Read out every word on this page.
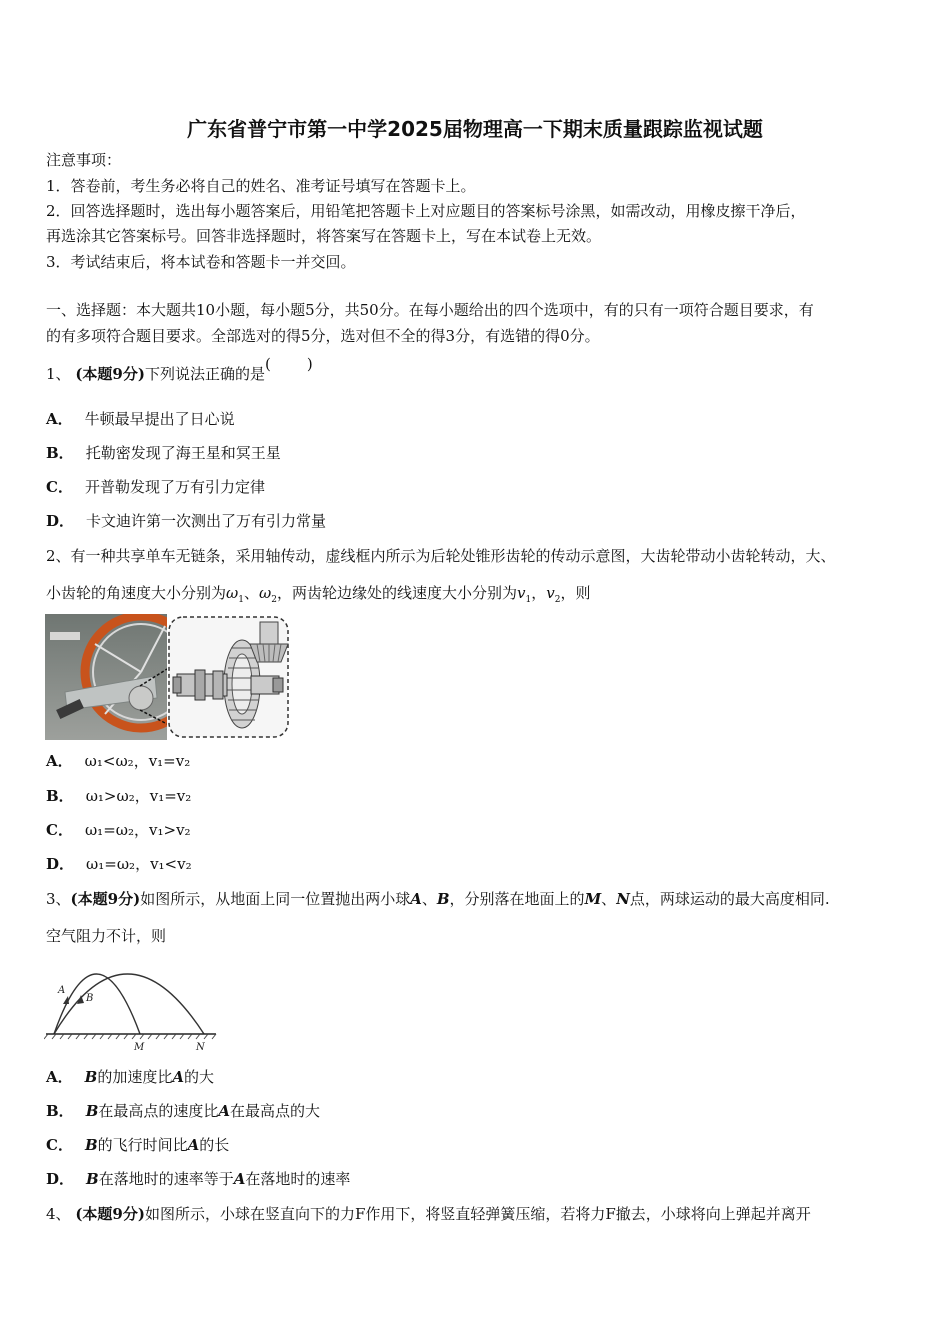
广东省普宁市第一中学2025届物理高一下期末质量跟踪监视试题
注意事项：
1．答卷前，考生务必将自己的姓名、准考证号填写在答题卡上。
2．回答选择题时，选出每小题答案后，用铅笔把答题卡上对应题目的答案标号涂黑，如需改动，用橡皮擦干净后，
再选涂其它答案标号。回答非选择题时，将答案写在答题卡上，写在本试卷上无效。
3．考试结束后，将本试卷和答题卡一并交回。
一、选择题：本大题共10小题，每小题5分，共50分。在每小题给出的四个选项中，有的只有一项符合题目要求，有
的有多项符合题目要求。全部选对的得5分，选对但不全的得3分，有选错的得0分。
1、 (本题9分)下列说法正确的是(　　)
A． 牛顿最早提出了日心说
B． 托勒密发现了海王星和冥王星
C． 开普勒发现了万有引力定律
D． 卡文迪许第一次测出了万有引力常量
2、有一种共享单车无链条，采用轴传动，虚线框内所示为后轮处锥形齿轮的传动示意图，大齿轮带动小齿轮转动，大、
小齿轮的角速度大小分别为$\omega_1$、$\omega_2$，两齿轮边缘处的线速度大小分别为$v_1$，$v_2$，则
A． ω₁<ω₂，v₁=v₂
B． ω₁>ω₂，v₁=v₂
C． ω₁=ω₂，v₁>v₂
D． ω₁=ω₂，v₁<v₂
3、(本题9分)如图所示，从地面上同一位置抛出两小球A、B，分别落在地面上的M、N点，两球运动的最大高度相同.
空气阻力不计，则
A
B
M	N
A． B的加速度比A的大
B． B在最高点的速度比A在最高点的大
C． B的飞行时间比A的长
D． B在落地时的速率等于A在落地时的速率
4、 (本题9分)如图所示，小球在竖直向下的力F作用下，将竖直轻弹簧压缩，若将力F撤去，小球将向上弹起并离开
